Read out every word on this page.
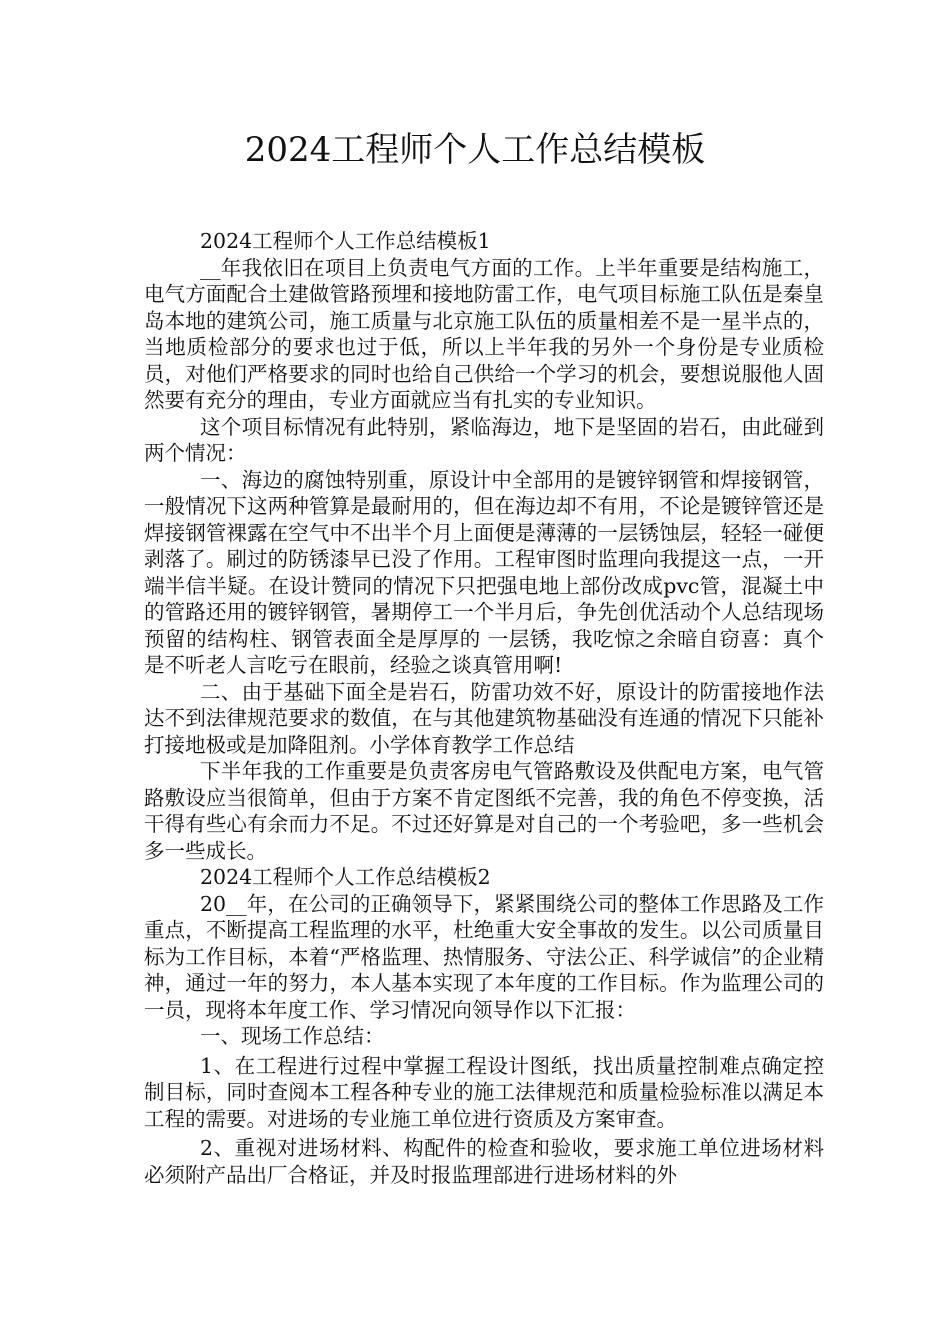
2024工程师个人工作总结模板

2024工程师个人工作总结模板1

__年我依旧在项目上负责电气方面的工作。上半年重要是结构施工，电气方面配合土建做管路预埋和接地防雷工作，电气项目标施工队伍是秦皇岛本地的建筑公司，施工质量与北京施工队伍的质量相差不是一星半点的，当地质检部分的要求也过于低，所以上半年我的另外一个身份是专业质检员，对他们严格要求的同时也给自己供给一个学习的机会，要想说服他人固然要有充分的理由，专业方面就应当有扎实的专业知识。

这个项目标情况有此特别，紧临海边，地下是坚固的岩石，由此碰到两个情况：

一、海边的腐蚀特别重，原设计中全部用的是镀锌钢管和焊接钢管，一般情况下这两种管算是最耐用的，但在海边却不有用，不论是镀锌管还是焊接钢管裸露在空气中不出半个月上面便是薄薄的一层锈蚀层，轻轻一碰便剥落了。刷过的防锈漆早已没了作用。工程审图时监理向我提这一点，一开端半信半疑。在设计赞同的情况下只把强电地上部份改成pvc管，混凝土中的管路还用的镀锌钢管，暑期停工一个半月后，争先创优活动个人总结现场预留的结构柱、钢管表面全是厚厚的 一层锈，我吃惊之余暗自窃喜：真个是不听老人言吃亏在眼前，经验之谈真管用啊!

二、由于基础下面全是岩石，防雷功效不好，原设计的防雷接地作法达不到法律规范要求的数值，在与其他建筑物基础没有连通的情况下只能补打接地极或是加降阻剂。小学体育教学工作总结

下半年我的工作重要是负责客房电气管路敷设及供配电方案，电气管路敷设应当很简单，但由于方案不肯定图纸不完善，我的角色不停变换，活干得有些心有余而力不足。不过还好算是对自己的一个考验吧，多一些机会多一些成长。

2024工程师个人工作总结模板2

20__年，在公司的正确领导下，紧紧围绕公司的整体工作思路及工作重点，不断提高工程监理的水平，杜绝重大安全事故的发生。以公司质量目标为工作目标，本着“严格监理、热情服务、守法公正、科学诚信”的企业精神，通过一年的努力，本人基本实现了本年度的工作目标。作为监理公司的一员，现将本年度工作、学习情况向领导作以下汇报：

一、现场工作总结：

1、在工程进行过程中掌握工程设计图纸，找出质量控制难点确定控制目标，同时查阅本工程各种专业的施工法律规范和质量检验标准以满足本工程的需要。对进场的专业施工单位进行资质及方案审查。

2、重视对进场材料、构配件的检查和验收，要求施工单位进场材料必须附产品出厂合格证，并及时报监理部进行进场材料的外
